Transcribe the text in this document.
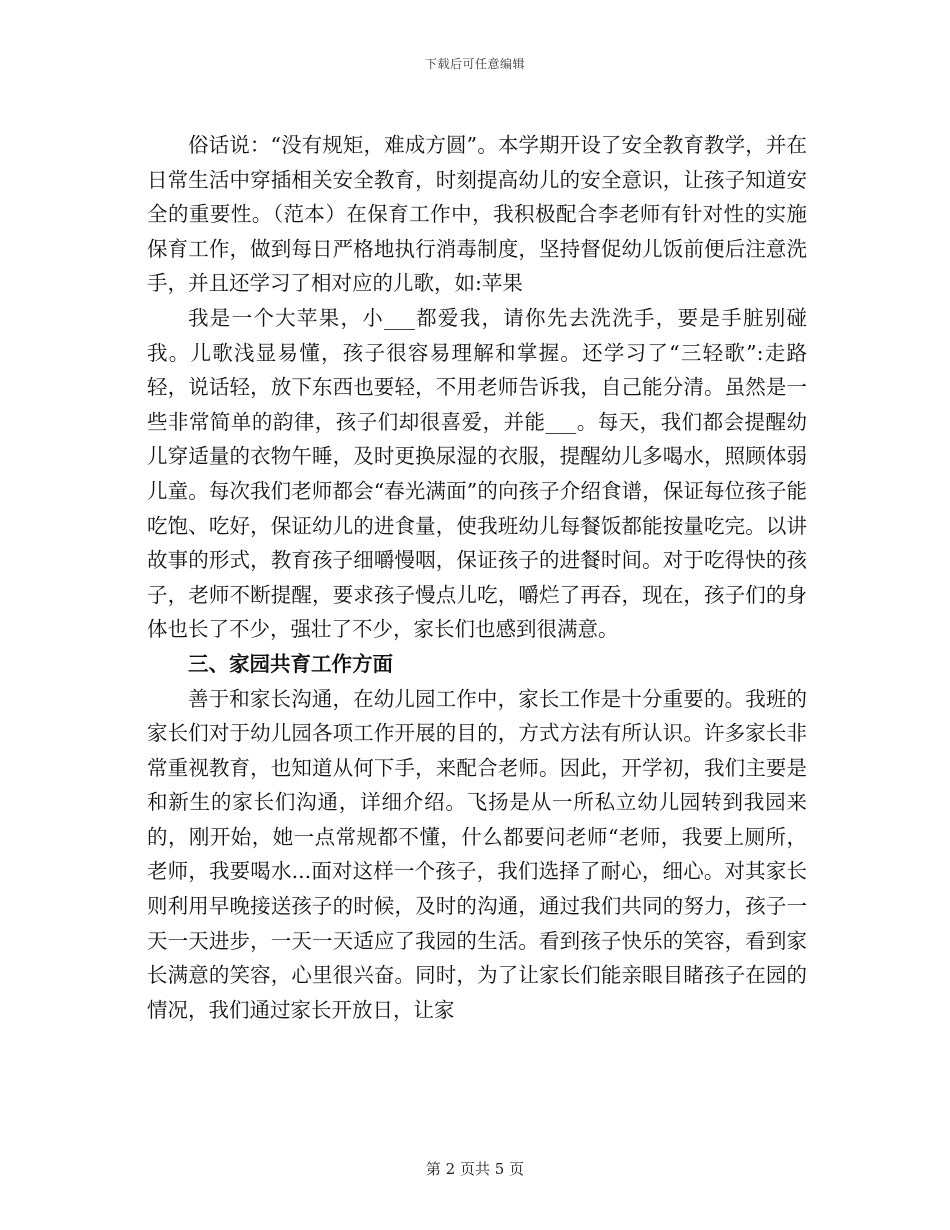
下载后可任意编辑

俗话说：“没有规矩，难成方圆”。本学期开设了安全教育教学，并在日常生活中穿插相关安全教育，时刻提高幼儿的安全意识，让孩子知道安全的重要性。（范本）在保育工作中，我积极配合李老师有针对性的实施保育工作，做到每日严格地执行消毒制度，坚持督促幼儿饭前便后注意洗手，并且还学习了相对应的儿歌，如:苹果

我是一个大苹果，小___都爱我，请你先去洗洗手，要是手脏别碰我。儿歌浅显易懂，孩子很容易理解和掌握。还学习了“三轻歌”:走路轻，说话轻，放下东西也要轻，不用老师告诉我，自己能分清。虽然是一些非常简单的韵律，孩子们却很喜爱，并能___。每天，我们都会提醒幼儿穿适量的衣物午睡，及时更换尿湿的衣服，提醒幼儿多喝水，照顾体弱儿童。每次我们老师都会“春光满面”的向孩子介绍食谱，保证每位孩子能吃饱、吃好，保证幼儿的进食量，使我班幼儿每餐饭都能按量吃完。以讲故事的形式，教育孩子细嚼慢咽，保证孩子的进餐时间。对于吃得快的孩子，老师不断提醒，要求孩子慢点儿吃，嚼烂了再吞，现在，孩子们的身体也长了不少，强壮了不少，家长们也感到很满意。

三、家园共育工作方面

善于和家长沟通，在幼儿园工作中，家长工作是十分重要的。我班的家长们对于幼儿园各项工作开展的目的，方式方法有所认识。许多家长非常重视教育，也知道从何下手，来配合老师。因此，开学初，我们主要是和新生的家长们沟通，详细介绍。飞扬是从一所私立幼儿园转到我园来的，刚开始，她一点常规都不懂，什么都要问老师“老师，我要上厕所，老师，我要喝水...面对这样一个孩子，我们选择了耐心，细心。对其家长则利用早晚接送孩子的时候，及时的沟通，通过我们共同的努力，孩子一天一天进步，一天一天适应了我园的生活。看到孩子快乐的笑容，看到家长满意的笑容，心里很兴奋。同时，为了让家长们能亲眼目睹孩子在园的情况，我们通过家长开放日，让家

第 2 页共 5 页
